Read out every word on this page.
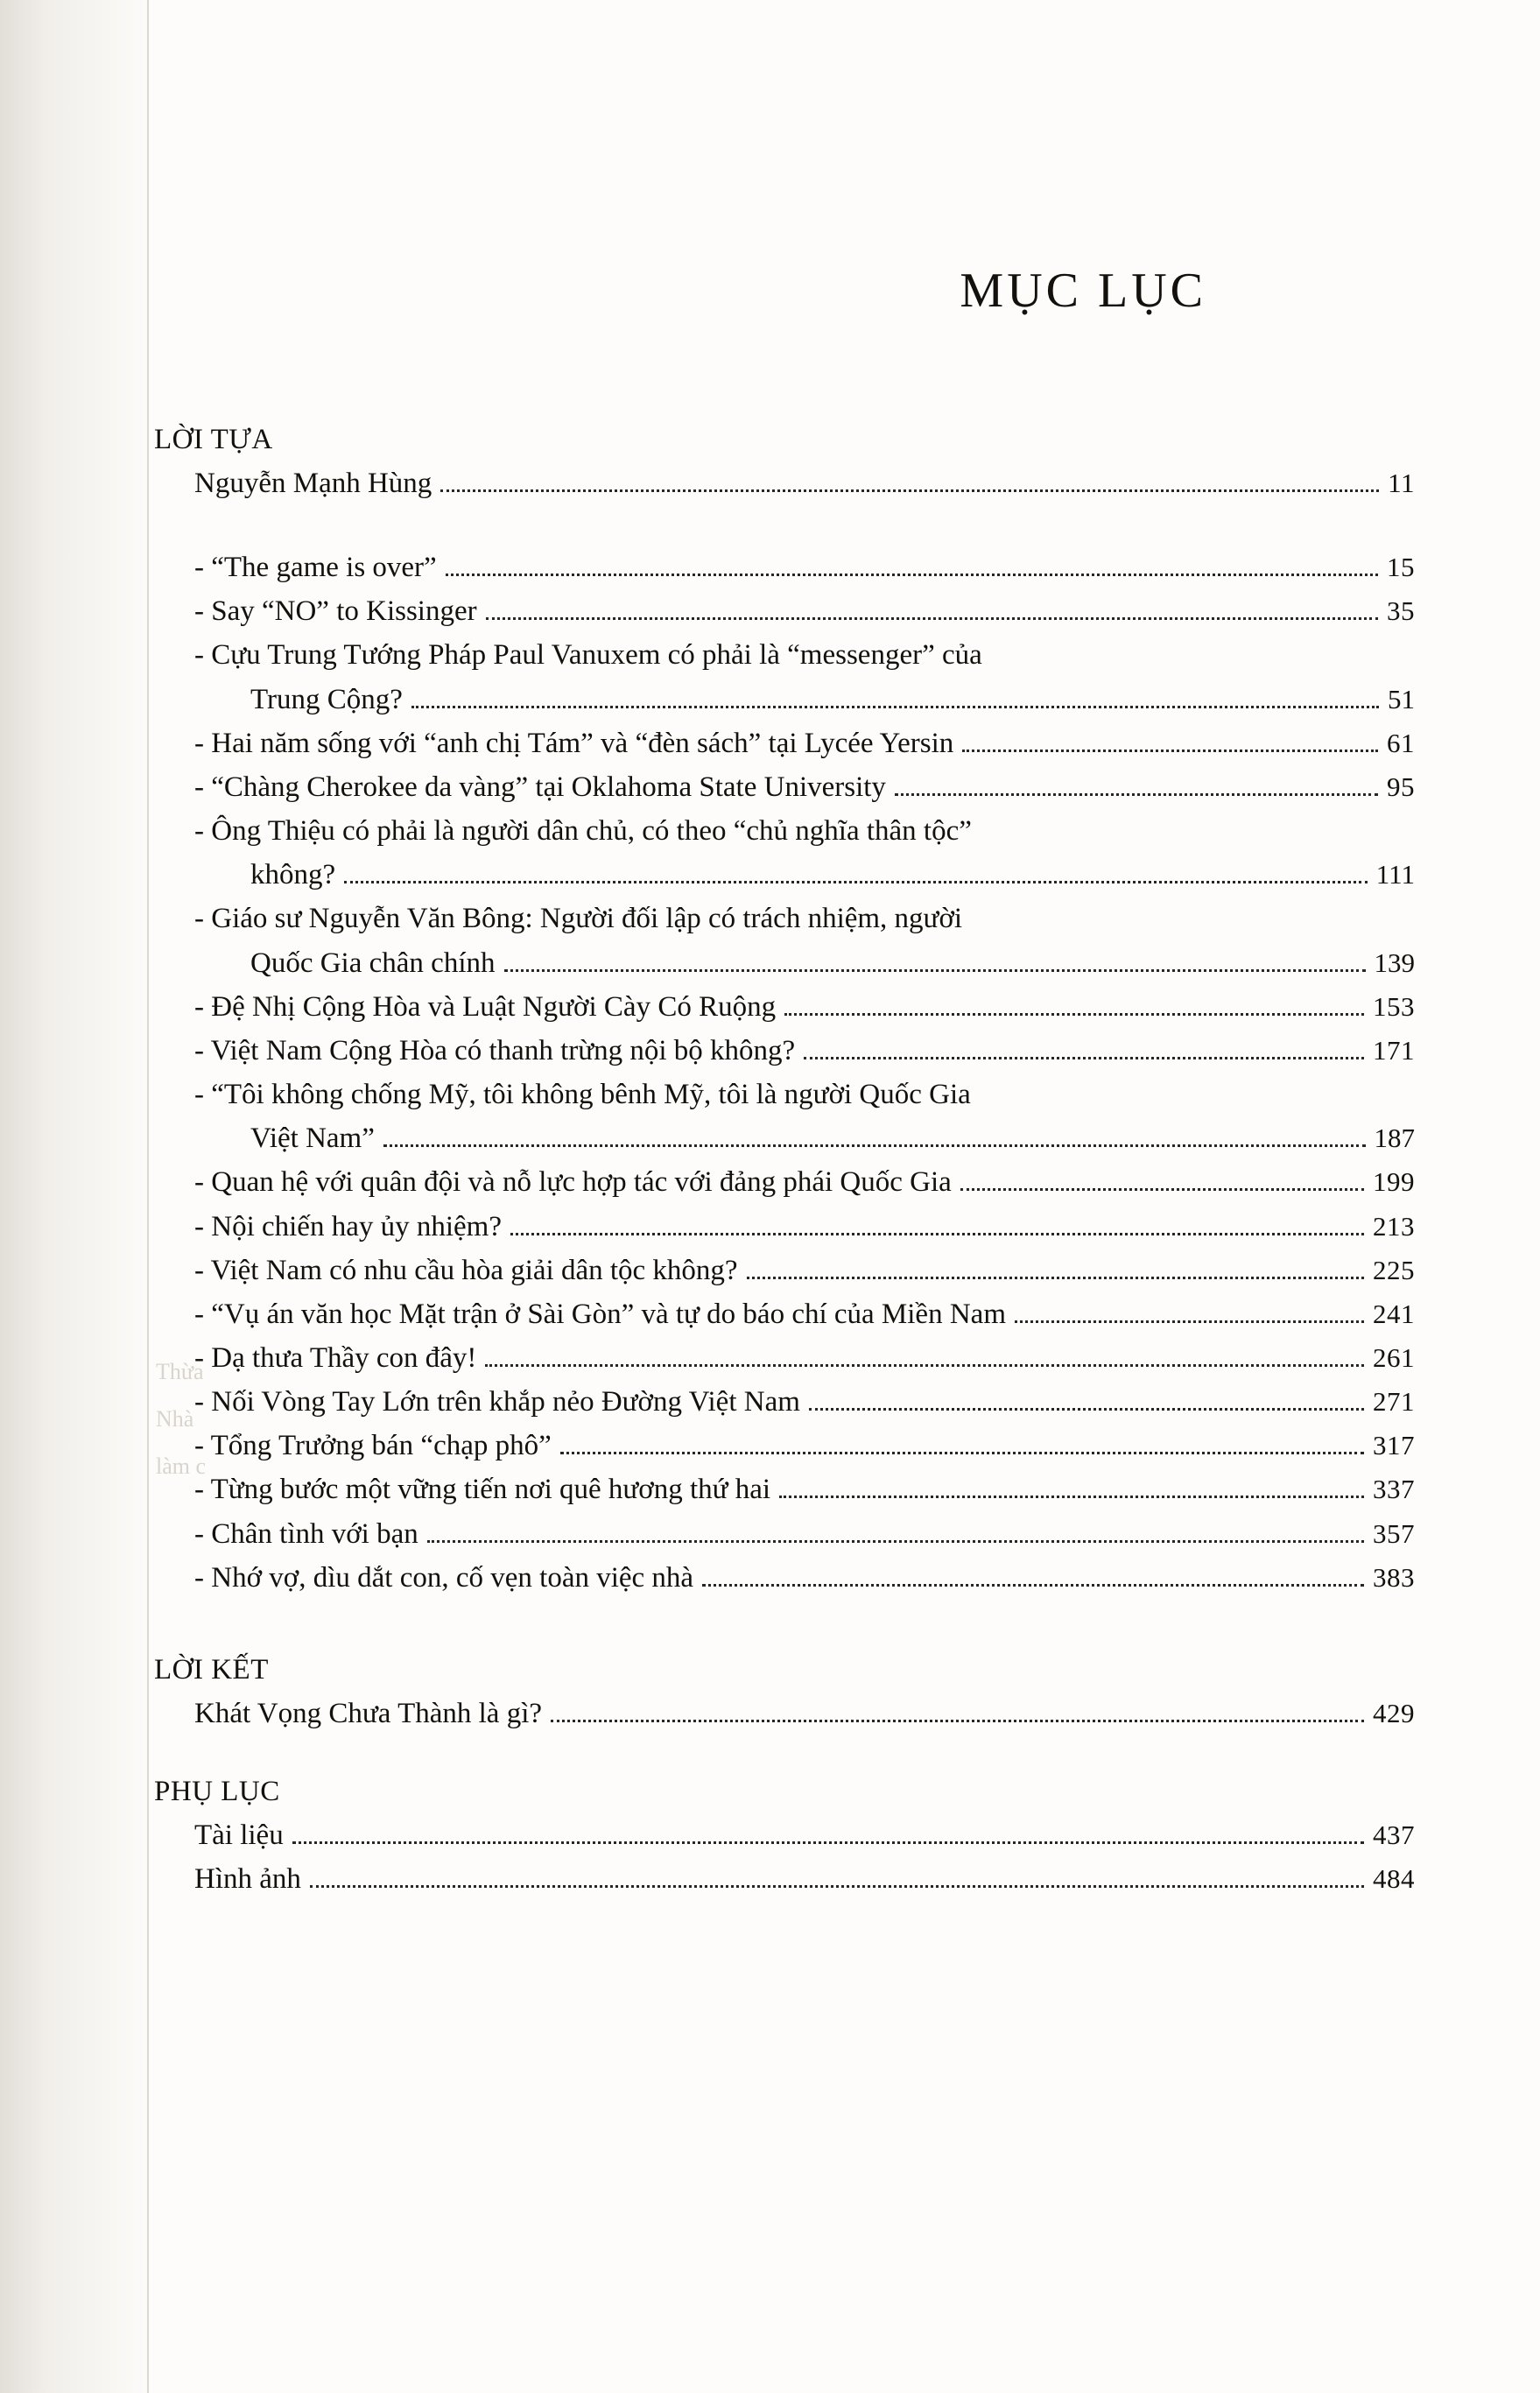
Thừa
Nhà
làm c
MỤC LỤC
LỜI TỰA
Nguyễn Mạnh Hùng	11
- “The game is over”	15
- Say “NO” to Kissinger	35
- Cựu Trung Tướng Pháp Paul Vanuxem có phải là “messenger” của
Trung Cộng?	51
- Hai năm sống với “anh chị Tám” và “đèn sách” tại Lycée Yersin	61
- “Chàng Cherokee da vàng” tại Oklahoma State University	95
- Ông Thiệu có phải là người dân chủ, có theo “chủ nghĩa thân tộc”
không?	111
- Giáo sư Nguyễn Văn Bông: Người đối lập có trách nhiệm, người
Quốc Gia chân chính	139
- Đệ Nhị Cộng Hòa và Luật Người Cày Có Ruộng	153
- Việt Nam Cộng Hòa có thanh trừng nội bộ không?	171
- “Tôi không chống Mỹ, tôi không bênh Mỹ, tôi là người Quốc Gia
Việt Nam”	187
- Quan hệ với quân đội và nỗ lực hợp tác với đảng phái Quốc Gia	199
- Nội chiến hay ủy nhiệm?	213
- Việt Nam có nhu cầu hòa giải dân tộc không?	225
- “Vụ án văn học Mặt trận ở Sài Gòn” và tự do báo chí của Miền Nam	241
- Dạ thưa Thầy con đây!	261
- Nối Vòng Tay Lớn trên khắp nẻo Đường Việt Nam	271
- Tổng Trưởng bán “chạp phô”	317
- Từng bước một vững tiến nơi quê hương thứ hai	337
- Chân tình với bạn	357
- Nhớ vợ, dìu dắt con, cố vẹn toàn việc nhà	383
LỜI KẾT
Khát Vọng Chưa Thành là gì?	429
PHỤ LỤC
Tài liệu	437
Hình ảnh	484
